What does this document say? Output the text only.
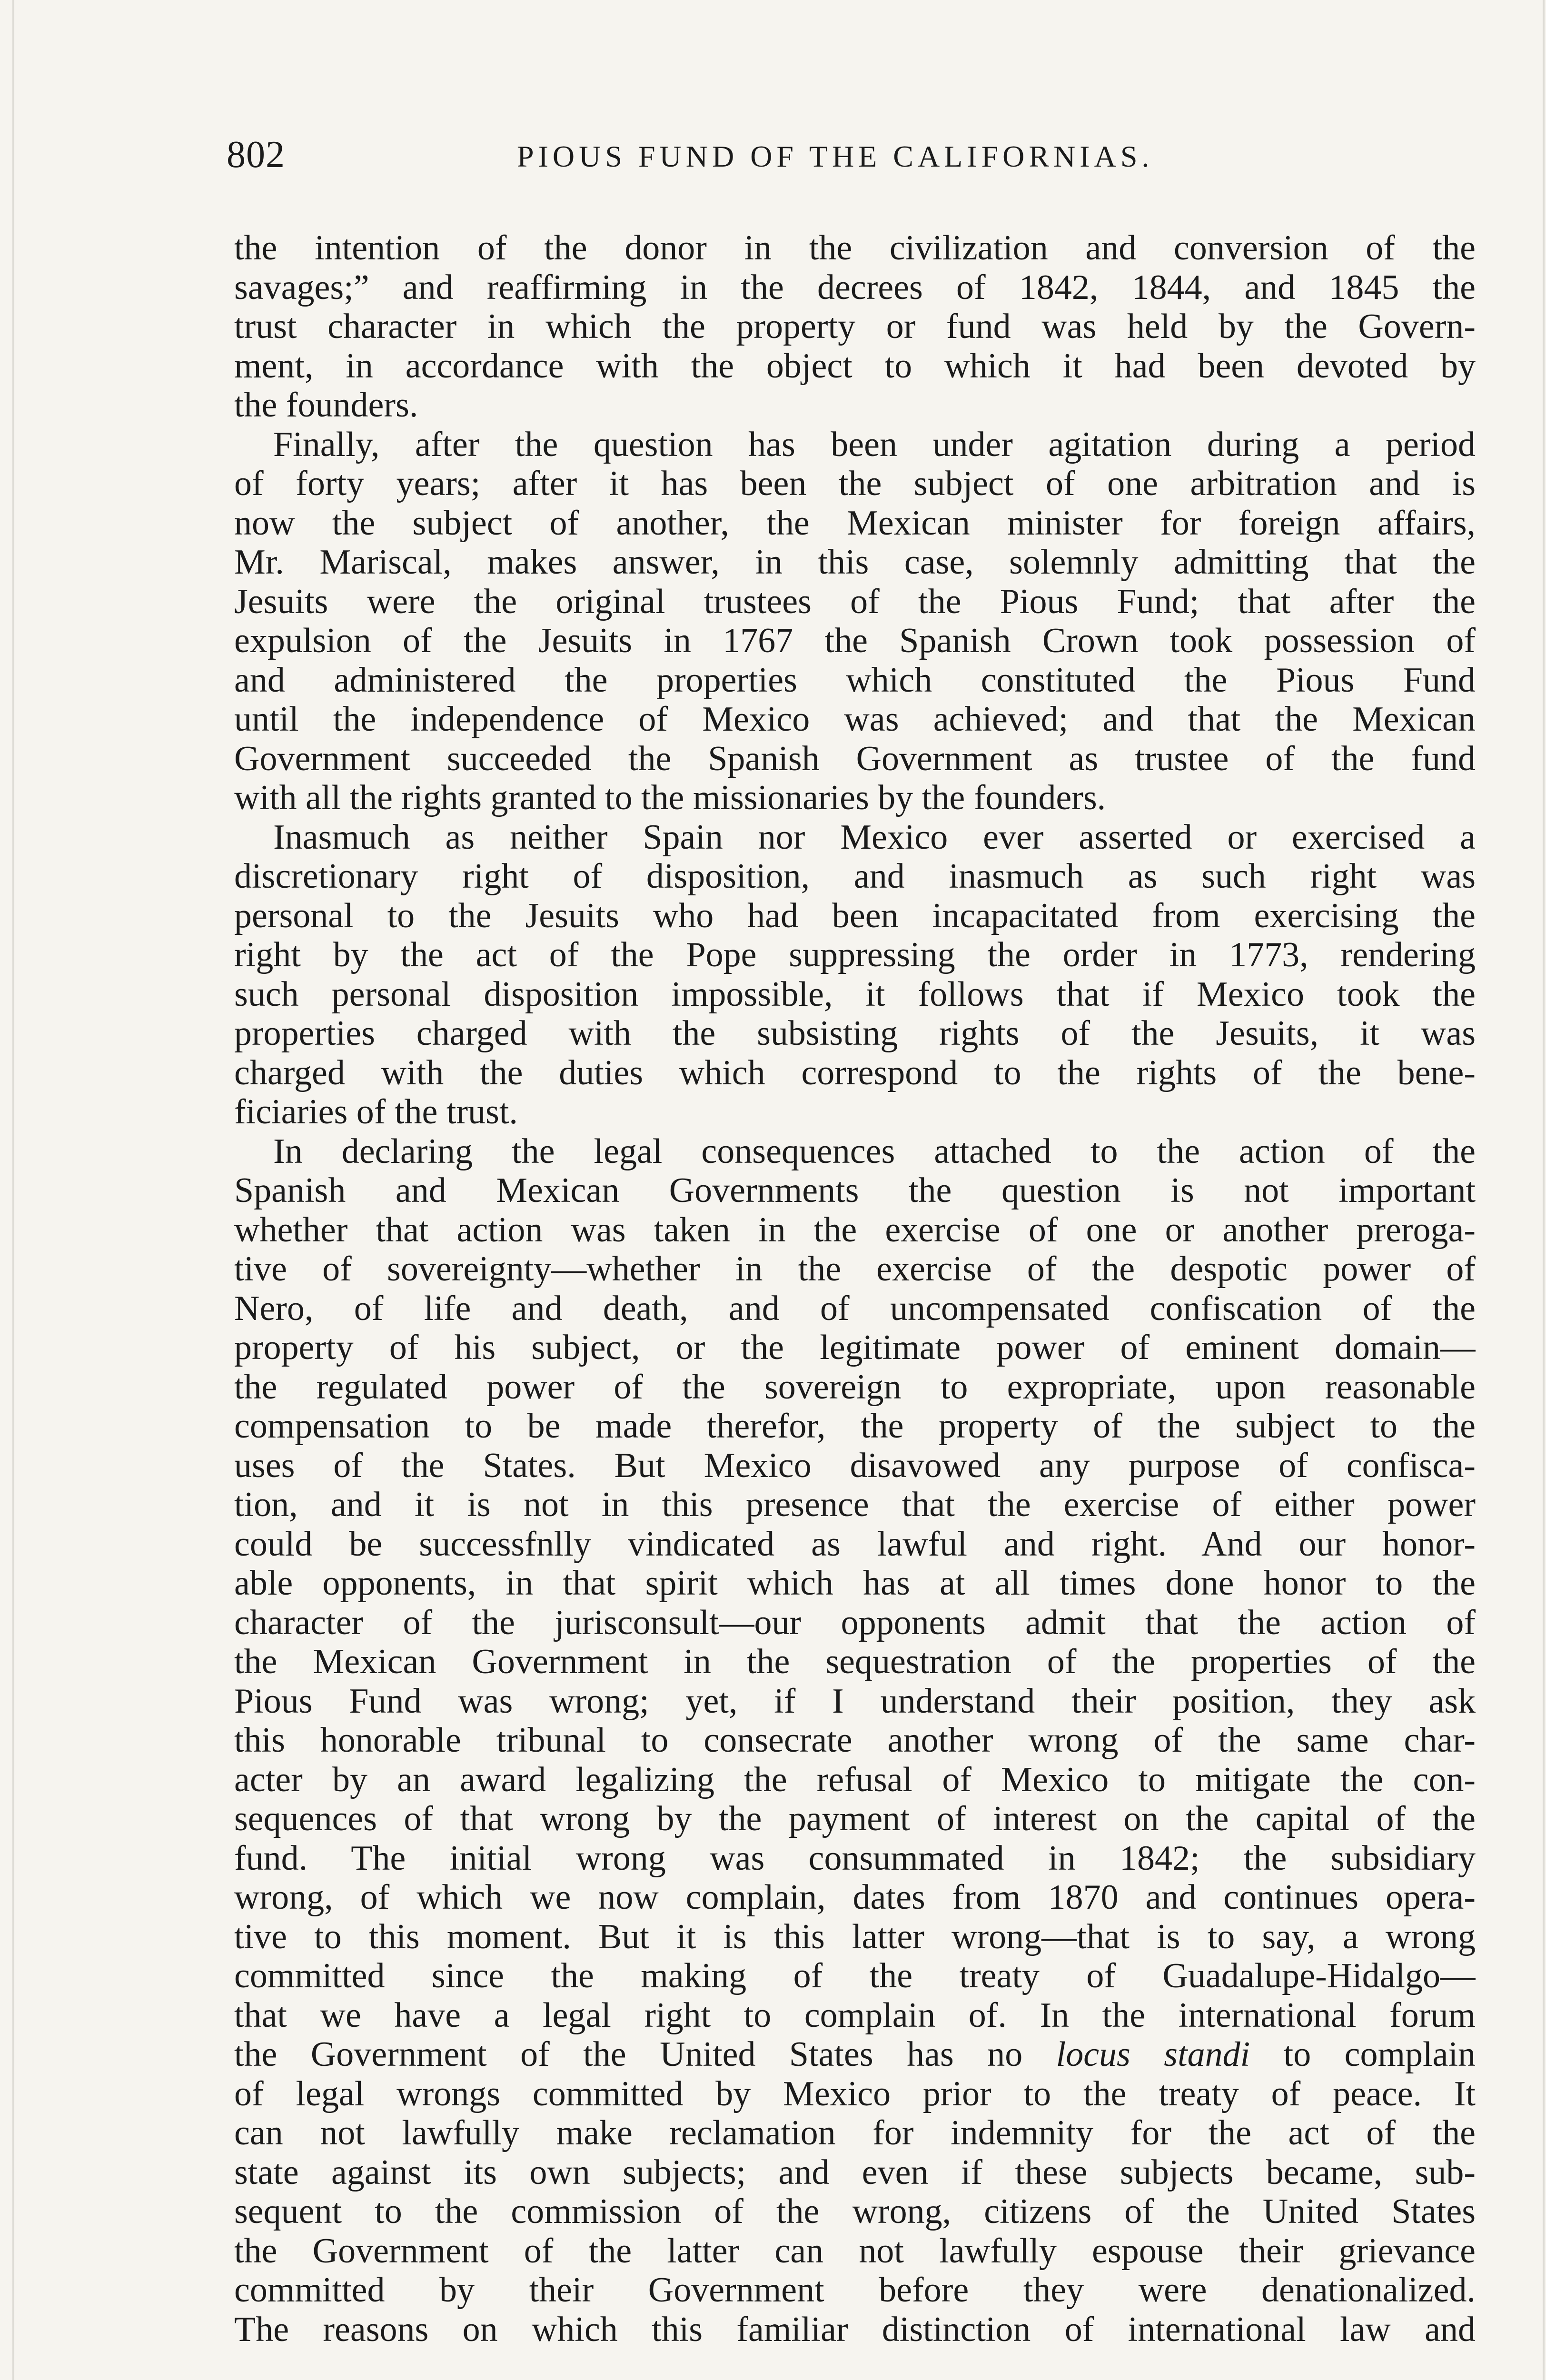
802	PIOUS FUND OF THE CALIFORNIAS.
the intention of the donor in the civilization and conversion of the
savages;” and reaffirming in the decrees of 1842, 1844, and 1845 the
trust character in which the property or fund was held by the Govern-
ment, in accordance with the object to which it had been devoted by
the founders.
Finally, after the question has been under agitation during a period
of forty years; after it has been the subject of one arbitration and is
now the subject of another, the Mexican minister for foreign affairs,
Mr. Mariscal, makes answer, in this case, solemnly admitting that the
Jesuits were the original trustees of the Pious Fund; that after the
expulsion of the Jesuits in 1767 the Spanish Crown took possession of
and administered the properties which constituted the Pious Fund
until the independence of Mexico was achieved; and that the Mexican
Government succeeded the Spanish Government as trustee of the fund
with all the rights granted to the missionaries by the founders.
Inasmuch as neither Spain nor Mexico ever asserted or exercised a
discretionary right of disposition, and inasmuch as such right was
personal to the Jesuits who had been incapacitated from exercising the
right by the act of the Pope suppressing the order in 1773, rendering
such personal disposition impossible, it follows that if Mexico took the
properties charged with the subsisting rights of the Jesuits, it was
charged with the duties which correspond to the rights of the bene-
ficiaries of the trust.
In declaring the legal consequences attached to the action of the
Spanish and Mexican Governments the question is not important
whether that action was taken in the exercise of one or another preroga-
tive of sovereignty—whether in the exercise of the despotic power of
Nero, of life and death, and of uncompensated confiscation of the
property of his subject, or the legitimate power of eminent domain—
the regulated power of the sovereign to expropriate, upon reasonable
compensation to be made therefor, the property of the subject to the
uses of the States. But Mexico disavowed any purpose of confisca-
tion, and it is not in this presence that the exercise of either power
could be successfnlly vindicated as lawful and right. And our honor-
able opponents, in that spirit which has at all times done honor to the
character of the jurisconsult—our opponents admit that the action of
the Mexican Government in the sequestration of the properties of the
Pious Fund was wrong; yet, if I understand their position, they ask
this honorable tribunal to consecrate another wrong of the same char-
acter by an award legalizing the refusal of Mexico to mitigate the con-
sequences of that wrong by the payment of interest on the capital of the
fund. The initial wrong was consummated in 1842; the subsidiary
wrong, of which we now complain, dates from 1870 and continues opera-
tive to this moment. But it is this latter wrong—that is to say, a wrong
committed since the making of the treaty of Guadalupe-Hidalgo—
that we have a legal right to complain of. In the international forum
the Government of the United States has no locus standi to complain
of legal wrongs committed by Mexico prior to the treaty of peace. It
can not lawfully make reclamation for indemnity for the act of the
state against its own subjects; and even if these subjects became, sub-
sequent to the commission of the wrong, citizens of the United States
the Government of the latter can not lawfully espouse their grievance
committed by their Government before they were denationalized.
The reasons on which this familiar distinction of international law and
